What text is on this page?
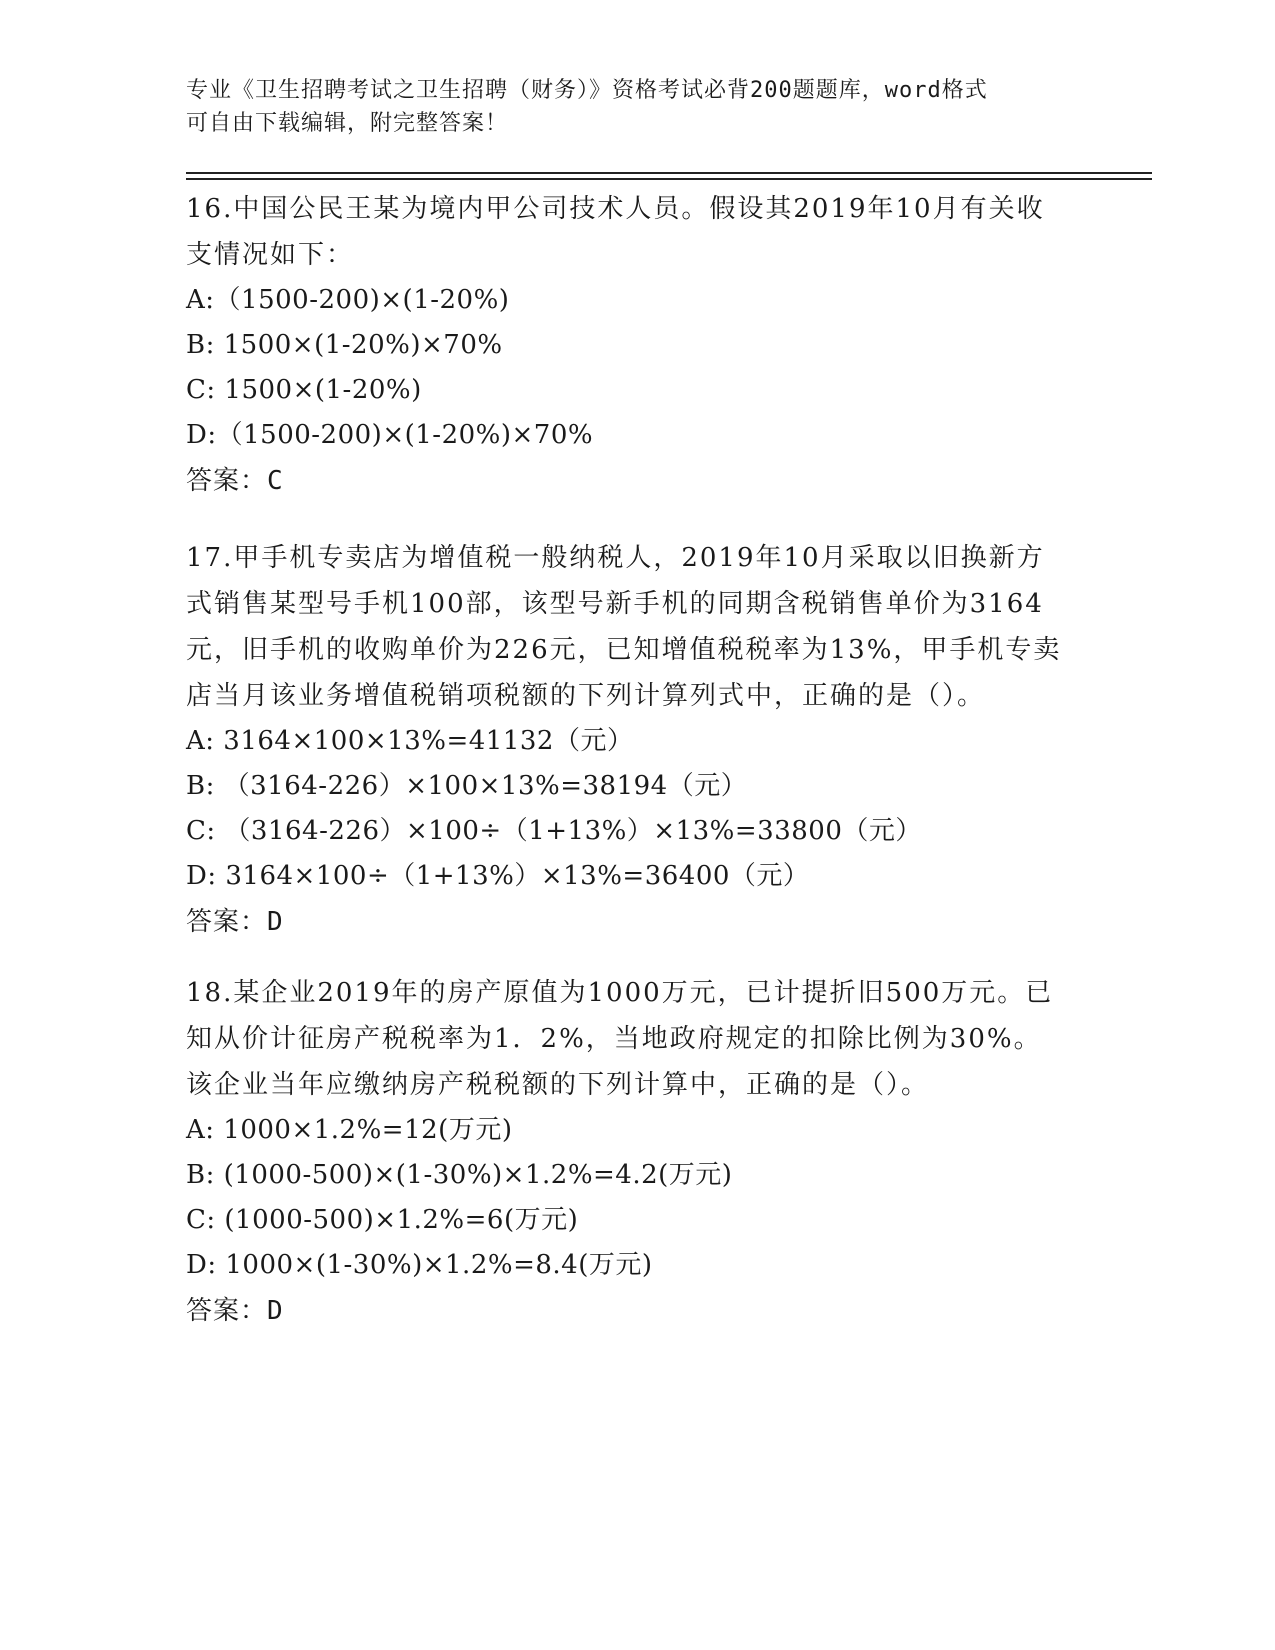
专业《卫生招聘考试之卫生招聘（财务）》资格考试必背200题题库，word格式
可自由下载编辑，附完整答案！
16.中国公民王某为境内甲公司技术人员。假设其2019年10月有关收
支情况如下：
A:（1500-200)×(1-20%)
B: 1500×(1-20%)×70%
C: 1500×(1-20%)
D:（1500-200)×(1-20%)×70%
答案：C
17.甲手机专卖店为增值税一般纳税人，2019年10月采取以旧换新方
式销售某型号手机100部，该型号新手机的同期含税销售单价为3164
元，旧手机的收购单价为226元，已知增值税税率为13%，甲手机专卖
店当月该业务增值税销项税额的下列计算列式中，正确的是（）。
A: 3164×100×13%=41132（元）
B: （3164-226）×100×13%=38194（元）
C: （3164-226）×100÷（1+13%）×13%=33800（元）
D: 3164×100÷（1+13%）×13%=36400（元）
答案：D
18.某企业2019年的房产原值为1000万元，已计提折旧500万元。已
知从价计征房产税税率为1．2%，当地政府规定的扣除比例为30%。
该企业当年应缴纳房产税税额的下列计算中，正确的是（）。
A: 1000×1.2%=12(万元)
B: (1000-500)×(1-30%)×1.2%=4.2(万元)
C: (1000-500)×1.2%=6(万元)
D: 1000×(1-30%)×1.2%=8.4(万元)
答案：D
